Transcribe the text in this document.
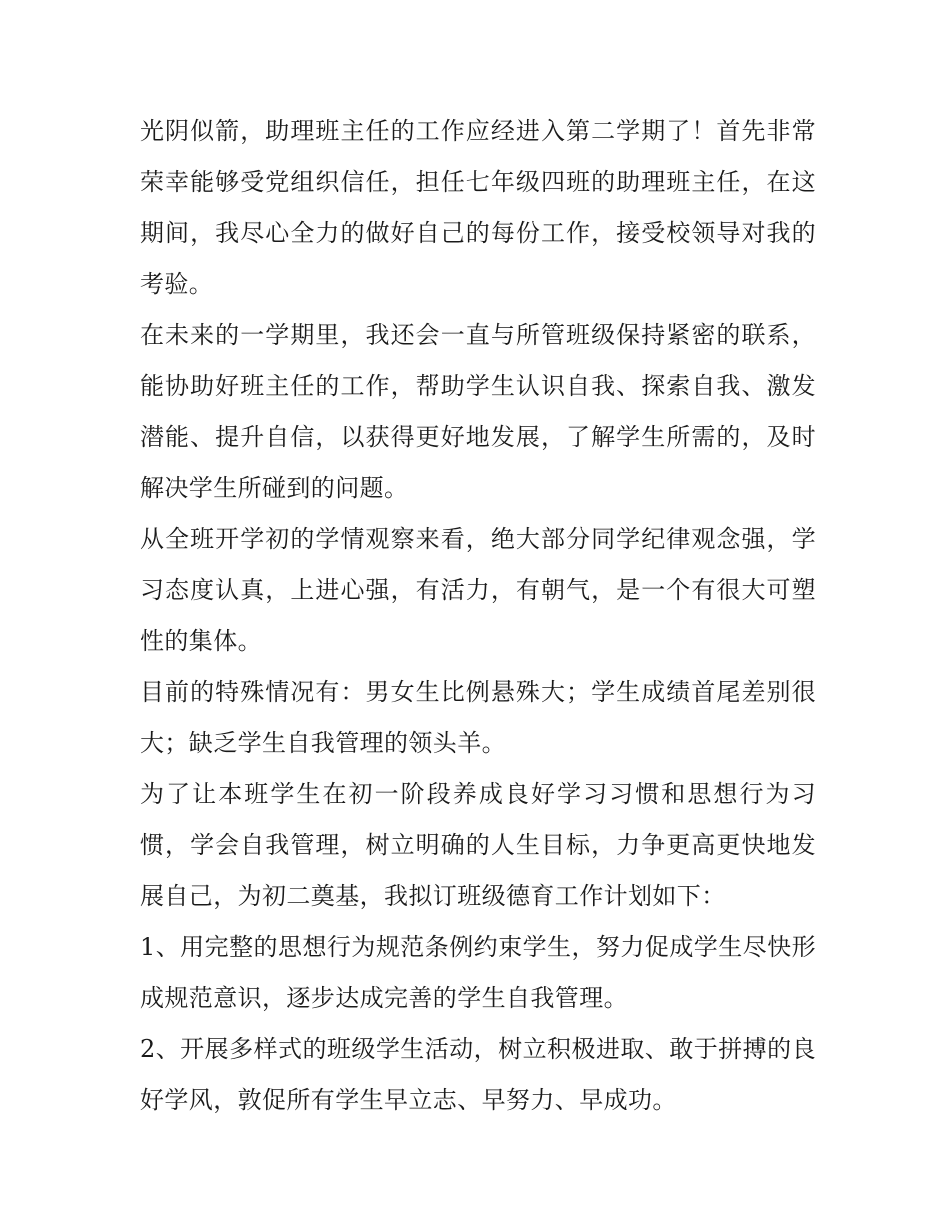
光阴似箭，助理班主任的工作应经进入第二学期了！首先非常荣幸能够受党组织信任，担任七年级四班的助理班主任，在这期间，我尽心全力的做好自己的每份工作，接受校领导对我的考验。

在未来的一学期里，我还会一直与所管班级保持紧密的联系，能协助好班主任的工作，帮助学生认识自我、探索自我、激发潜能、提升自信，以获得更好地发展，了解学生所需的，及时解决学生所碰到的问题。

从全班开学初的学情观察来看，绝大部分同学纪律观念强，学习态度认真，上进心强，有活力，有朝气，是一个有很大可塑性的集体。

目前的特殊情况有：男女生比例悬殊大；学生成绩首尾差别很大；缺乏学生自我管理的领头羊。

为了让本班学生在初一阶段养成良好学习习惯和思想行为习惯，学会自我管理，树立明确的人生目标，力争更高更快地发展自己，为初二奠基，我拟订班级德育工作计划如下：

1、用完整的思想行为规范条例约束学生，努力促成学生尽快形成规范意识，逐步达成完善的学生自我管理。

2、开展多样式的班级学生活动，树立积极进取、敢于拼搏的良好学风，敦促所有学生早立志、早努力、早成功。
